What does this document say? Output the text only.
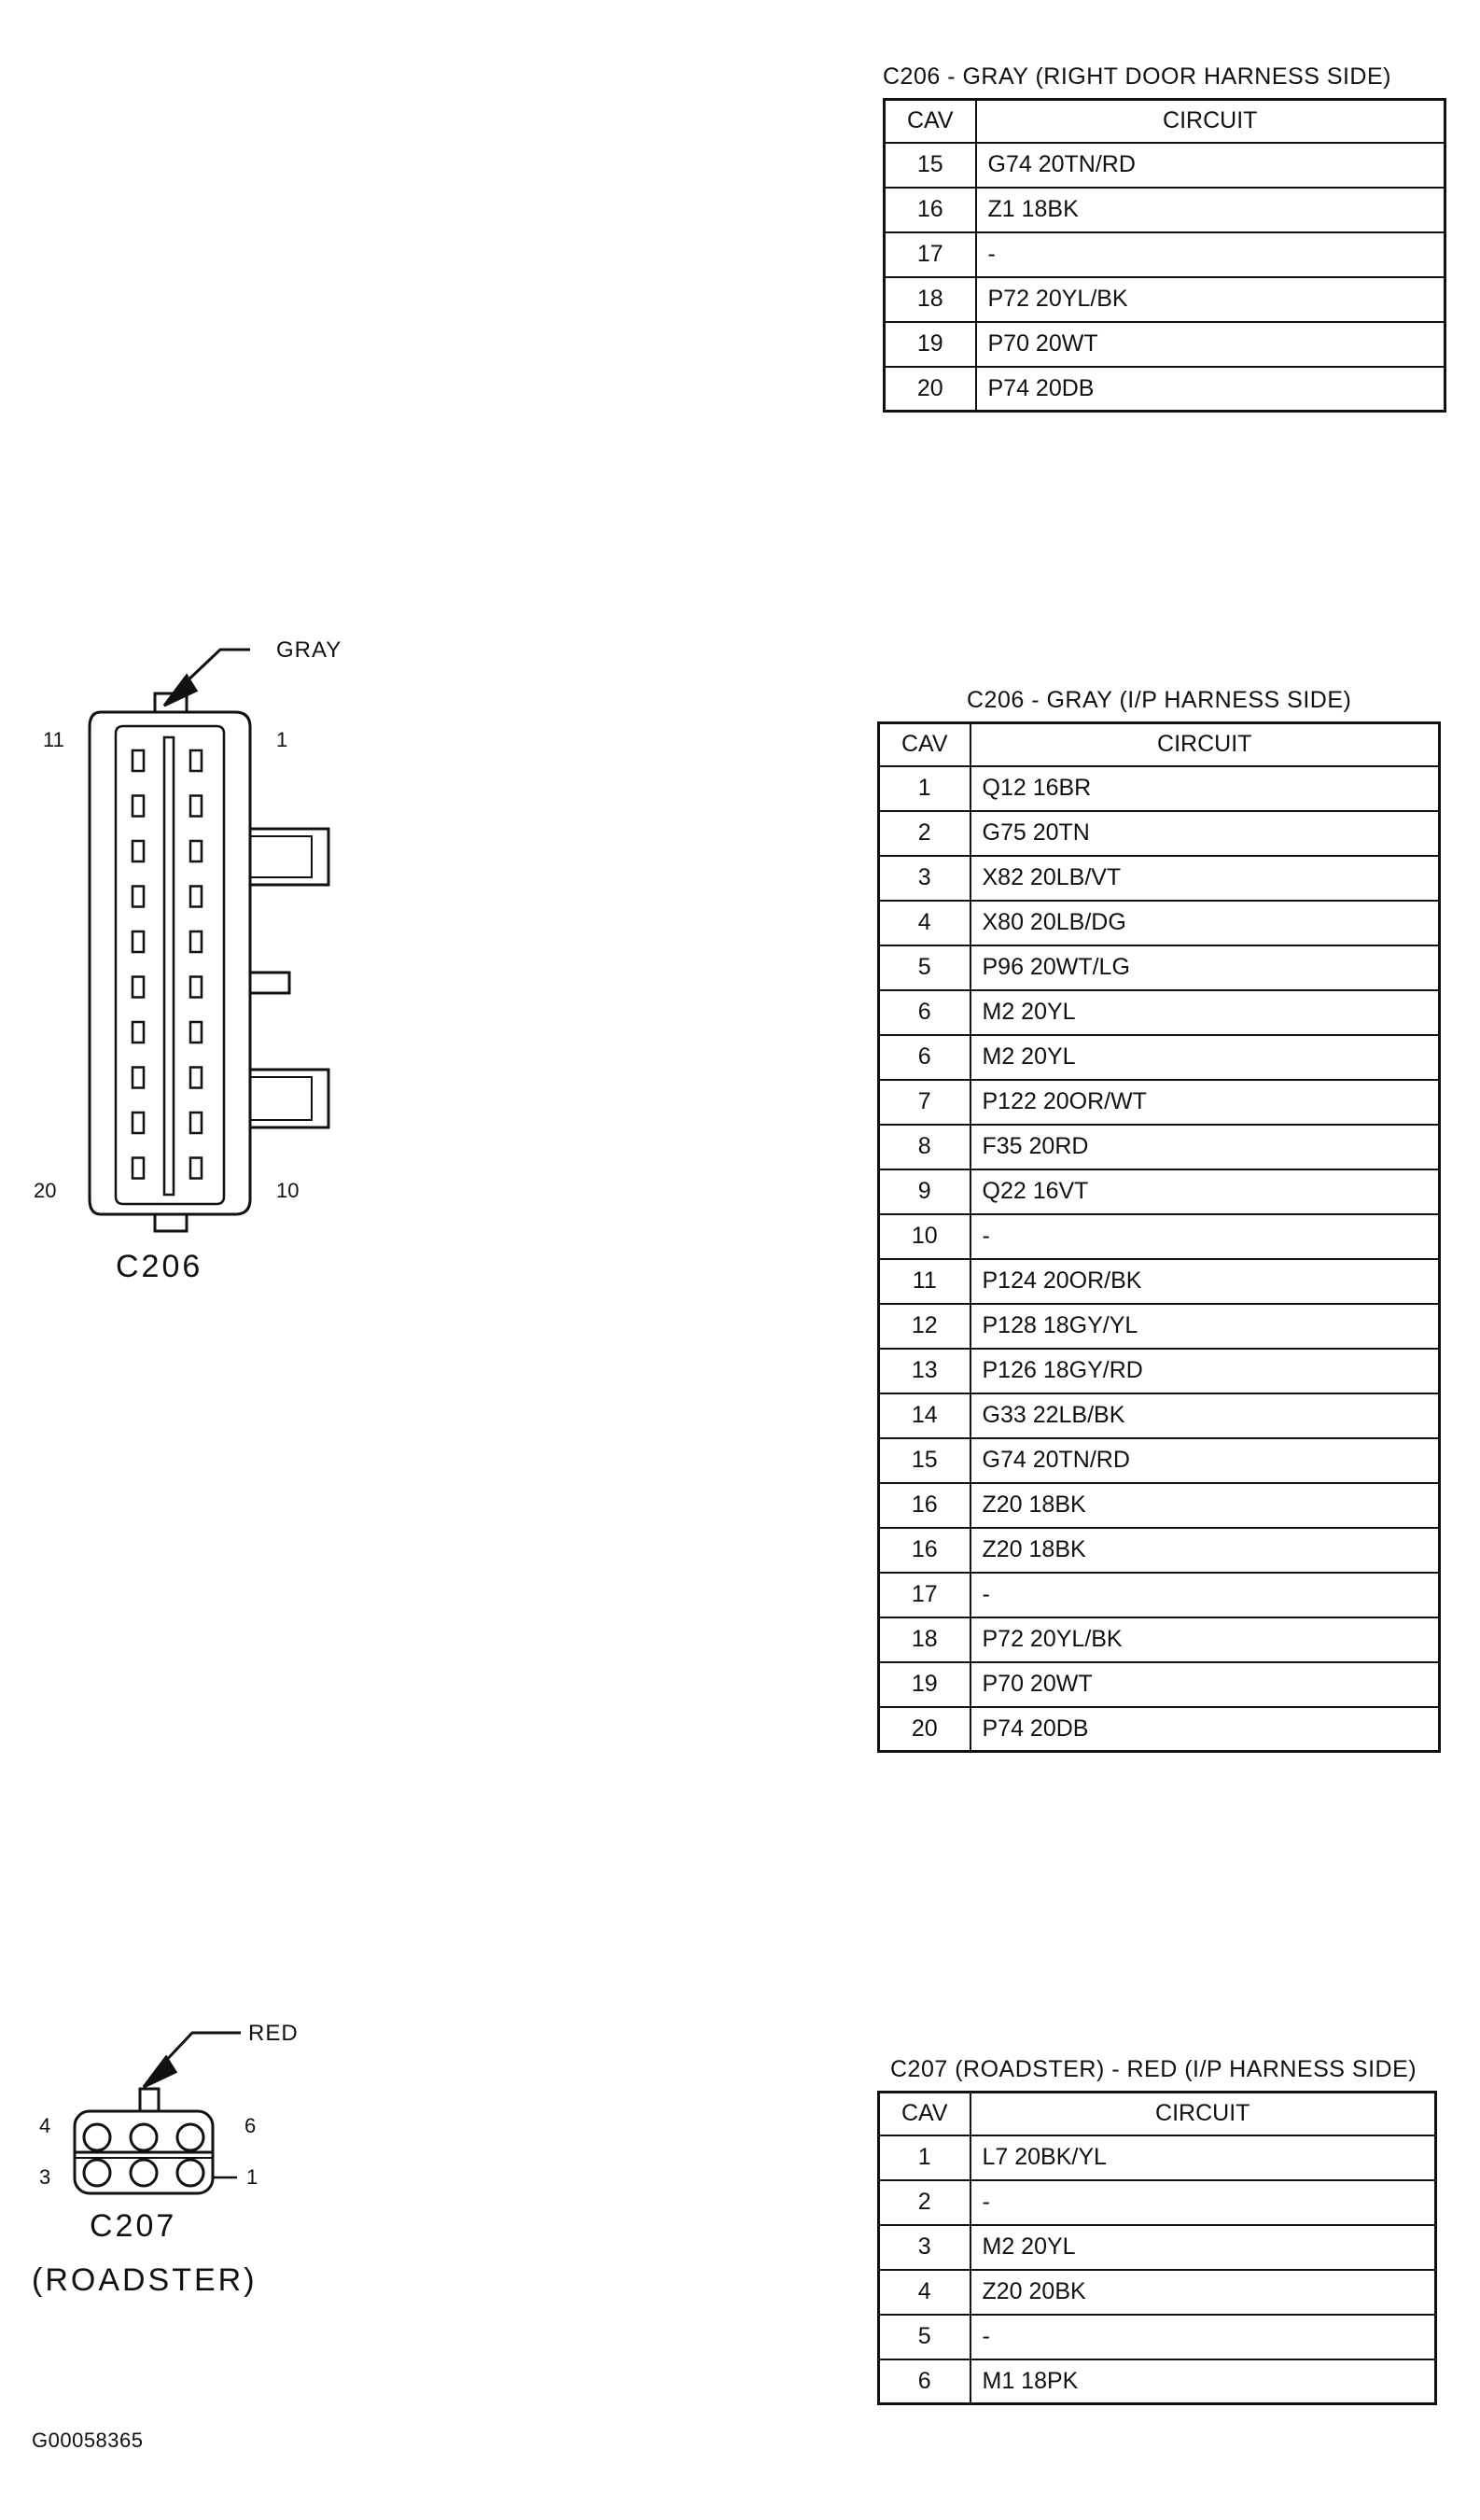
C206 - GRAY (RIGHT DOOR HARNESS SIDE)
CAV	CIRCUIT
15	G74 20TN/RD
16	Z1 18BK
17	-
18	P72 20YL/BK
19	P70 20WT
20	P74 20DB
C206 - GRAY (I/P HARNESS SIDE)
CAV	CIRCUIT
1	Q12 16BR
2	G75 20TN
3	X82 20LB/VT
4	X80 20LB/DG
5	P96 20WT/LG
6	M2 20YL
6	M2 20YL
7	P122 20OR/WT
8	F35 20RD
9	Q22 16VT
10	-
11	P124 20OR/BK
12	P128 18GY/YL
13	P126 18GY/RD
14	G33 22LB/BK
15	G74 20TN/RD
16	Z20 18BK
16	Z20 18BK
17	-
18	P72 20YL/BK
19	P70 20WT
20	P74 20DB
C207 (ROADSTER) - RED (I/P HARNESS SIDE)
CAV	CIRCUIT
1	L7 20BK/YL
2	-
3	M2 20YL
4	Z20 20BK
5	-
6	M1 18PK
GRAY
11	1
20	10
C206
RED
4	6
3	1
C207
(ROADSTER)
G00058365
